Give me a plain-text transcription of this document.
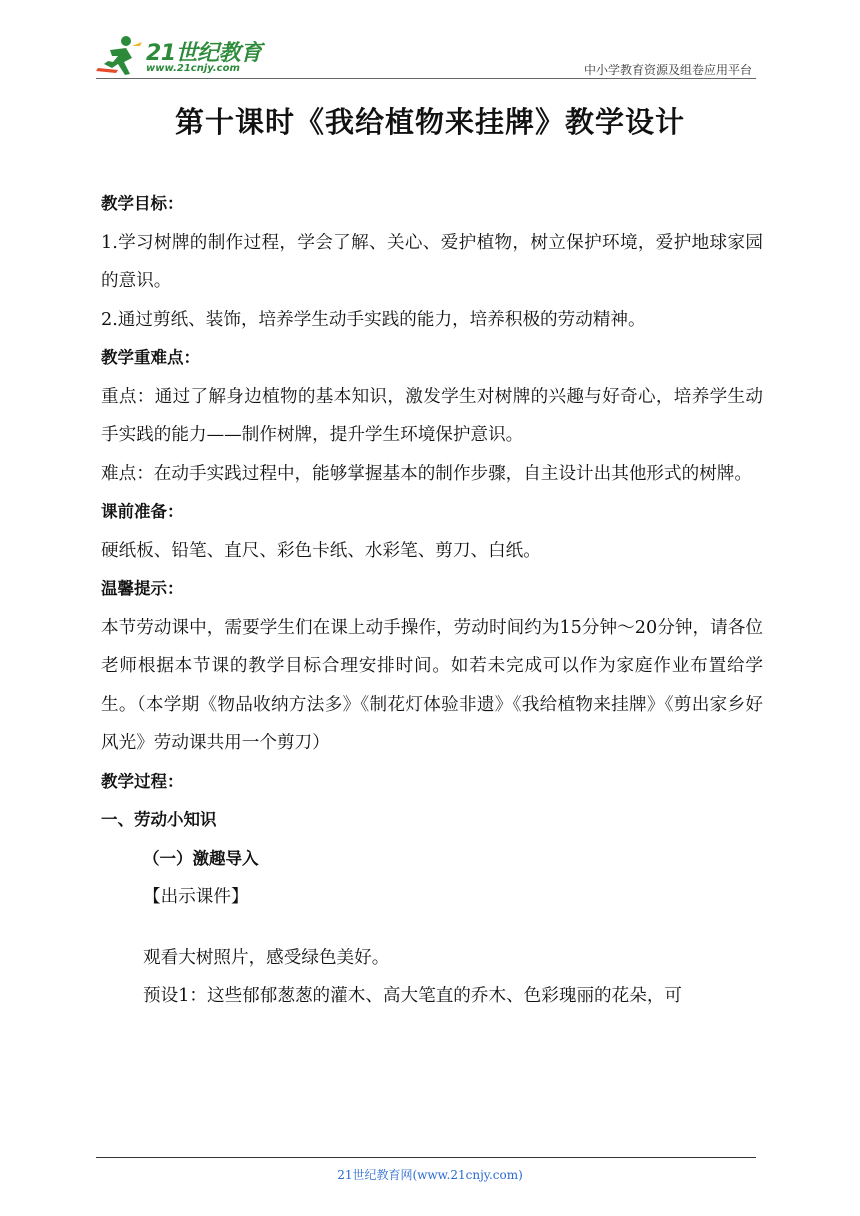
21世纪教育
www.21cnjy.com	中小学教育资源及组卷应用平台
第十课时《我给植物来挂牌》教学设计

教学目标：

1.学习树牌的制作过程，学会了解、关心、爱护植物，树立保护环境，爱护地球家园的意识。

2.通过剪纸、装饰，培养学生动手实践的能力，培养积极的劳动精神。

教学重难点：

重点：通过了解身边植物的基本知识，激发学生对树牌的兴趣与好奇心，培养学生动手实践的能力——制作树牌，提升学生环境保护意识。

难点：在动手实践过程中，能够掌握基本的制作步骤，自主设计出其他形式的树牌。

课前准备：

硬纸板、铅笔、直尺、彩色卡纸、水彩笔、剪刀、白纸。

温馨提示：

本节劳动课中，需要学生们在课上动手操作，劳动时间约为15分钟～20分钟，请各位老师根据本节课的教学目标合理安排时间。如若未完成可以作为家庭作业布置给学生。（本学期《物品收纳方法多》《制花灯体验非遗》《我给植物来挂牌》《剪出家乡好风光》劳动课共用一个剪刀）

教学过程：

一、劳动小知识

（一）激趣导入

【出示课件】

观看大树照片，感受绿色美好。

预设1：这些郁郁葱葱的灌木、高大笔直的乔木、色彩瑰丽的花朵，可

21世纪教育网(www.21cnjy.com)
